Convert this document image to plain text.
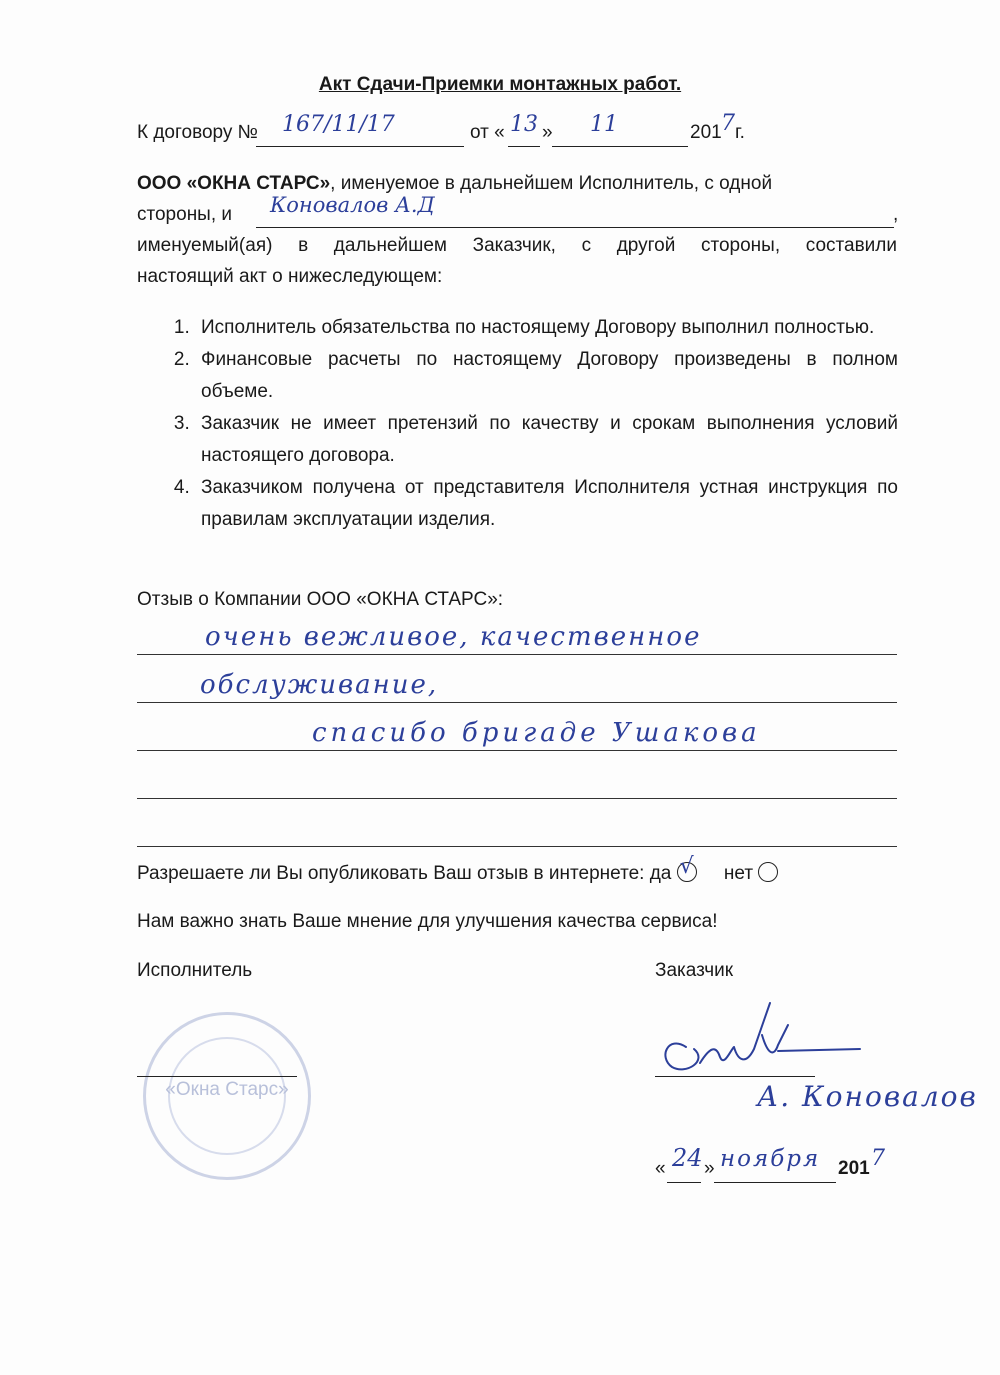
Акт Сдачи-Приемки монтажных работ.
К договору № 167/11/17	от « 13 » 11	201 7 г.
ООО «ОКНА СТАРС», именуемое в дальнейшем Исполнитель, с одной
стороны, и Коновалов А.Д	,
именуемый(ая) в дальнейшем Заказчик, с другой стороны, составили
настоящий акт о нижеследующем:
1. Исполнитель обязательства по настоящему Договору выполнил полностью.
2. Финансовые расчеты по настоящему Договору произведены в полном объеме.
3. Заказчик не имеет претензий по качеству и срокам выполнения условий настоящего договора.
4. Заказчиком получена от представителя Исполнителя устная инструкция по правилам эксплуатации изделия.
Отзыв о Компании ООО «ОКНА СТАРС»:
очень вежливое, качественное
обслуживание,
спасибо бригаде Ушакова
Разрешаете ли Вы опубликовать Ваш отзыв в интернете: да √ нет
Нам важно знать Ваше мнение для улучшения качества сервиса!
Исполнитель
«Окна Старс»
Заказчик
А. Коновалов
« 24 » ноября 201 7
